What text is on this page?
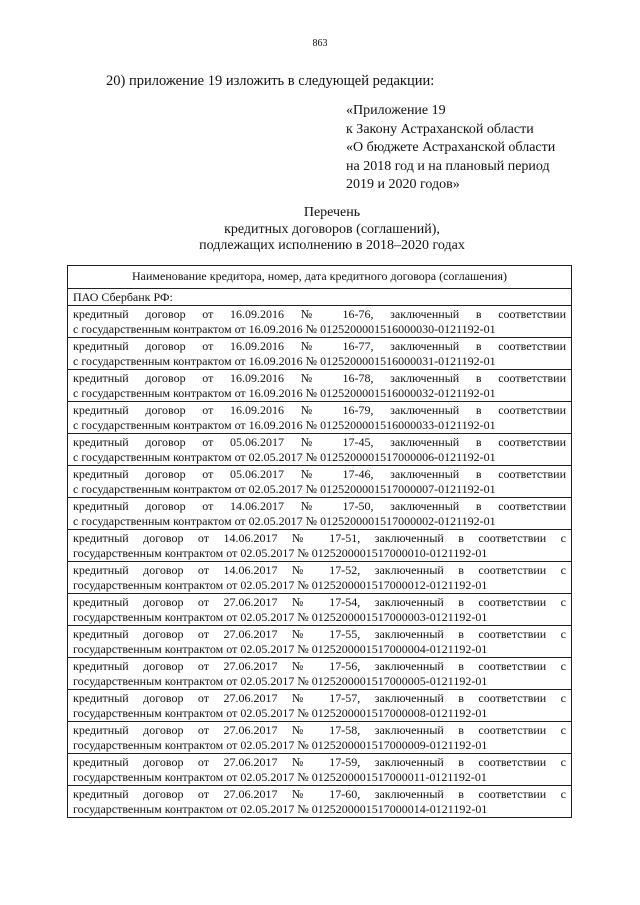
863
20) приложение 19 изложить в следующей редакции:
«Приложение 19
к Закону Астраханской области
«О бюджете Астраханской области
на 2018 год и на плановый период
2019 и 2020 годов»
Перечень
кредитных договоров (соглашений),
подлежащих исполнению в 2018–2020 годах
Наименование кредитора, номер, дата кредитного договора (соглашения)
ПАО Сбербанк РФ:

кредитный договор от 16.09.2016 № 16-76, заключенный в соответствии
с государственным контрактом от 16.09.2016 № 0125200001516000030-0121192-01

кредитный договор от 16.09.2016 № 16-77, заключенный в соответствии
с государственным контрактом от 16.09.2016 № 0125200001516000031-0121192-01

кредитный договор от 16.09.2016 № 16-78, заключенный в соответствии
с государственным контрактом от 16.09.2016 № 0125200001516000032-0121192-01

кредитный договор от 16.09.2016 № 16-79, заключенный в соответствии
с государственным контрактом от 16.09.2016 № 0125200001516000033-0121192-01

кредитный договор от 05.06.2017 № 17-45, заключенный в соответствии
с государственным контрактом от 02.05.2017 № 0125200001517000006-0121192-01

кредитный договор от 05.06.2017 № 17-46, заключенный в соответствии
с государственным контрактом от 02.05.2017 № 0125200001517000007-0121192-01

кредитный договор от 14.06.2017 № 17-50, заключенный в соответствии
с государственным контрактом от 02.05.2017 № 0125200001517000002-0121192-01

кредитный договор от 14.06.2017 № 17-51, заключенный в соответствии с
государственным контрактом от 02.05.2017 № 0125200001517000010-0121192-01

кредитный договор от 14.06.2017 № 17-52, заключенный в соответствии с
государственным контрактом от 02.05.2017 № 0125200001517000012-0121192-01

кредитный договор от 27.06.2017 № 17-54, заключенный в соответствии с
государственным контрактом от 02.05.2017 № 0125200001517000003-0121192-01

кредитный договор от 27.06.2017 № 17-55, заключенный в соответствии с
государственным контрактом от 02.05.2017 № 0125200001517000004-0121192-01

кредитный договор от 27.06.2017 № 17-56, заключенный в соответствии с
государственным контрактом от 02.05.2017 № 0125200001517000005-0121192-01

кредитный договор от 27.06.2017 № 17-57, заключенный в соответствии с
государственным контрактом от 02.05.2017 № 0125200001517000008-0121192-01

кредитный договор от 27.06.2017 № 17-58, заключенный в соответствии с
государственным контрактом от 02.05.2017 № 0125200001517000009-0121192-01

кредитный договор от 27.06.2017 № 17-59, заключенный в соответствии с
государственным контрактом от 02.05.2017 № 0125200001517000011-0121192-01

кредитный договор от 27.06.2017 № 17-60, заключенный в соответствии с
государственным контрактом от 02.05.2017 № 0125200001517000014-0121192-01
